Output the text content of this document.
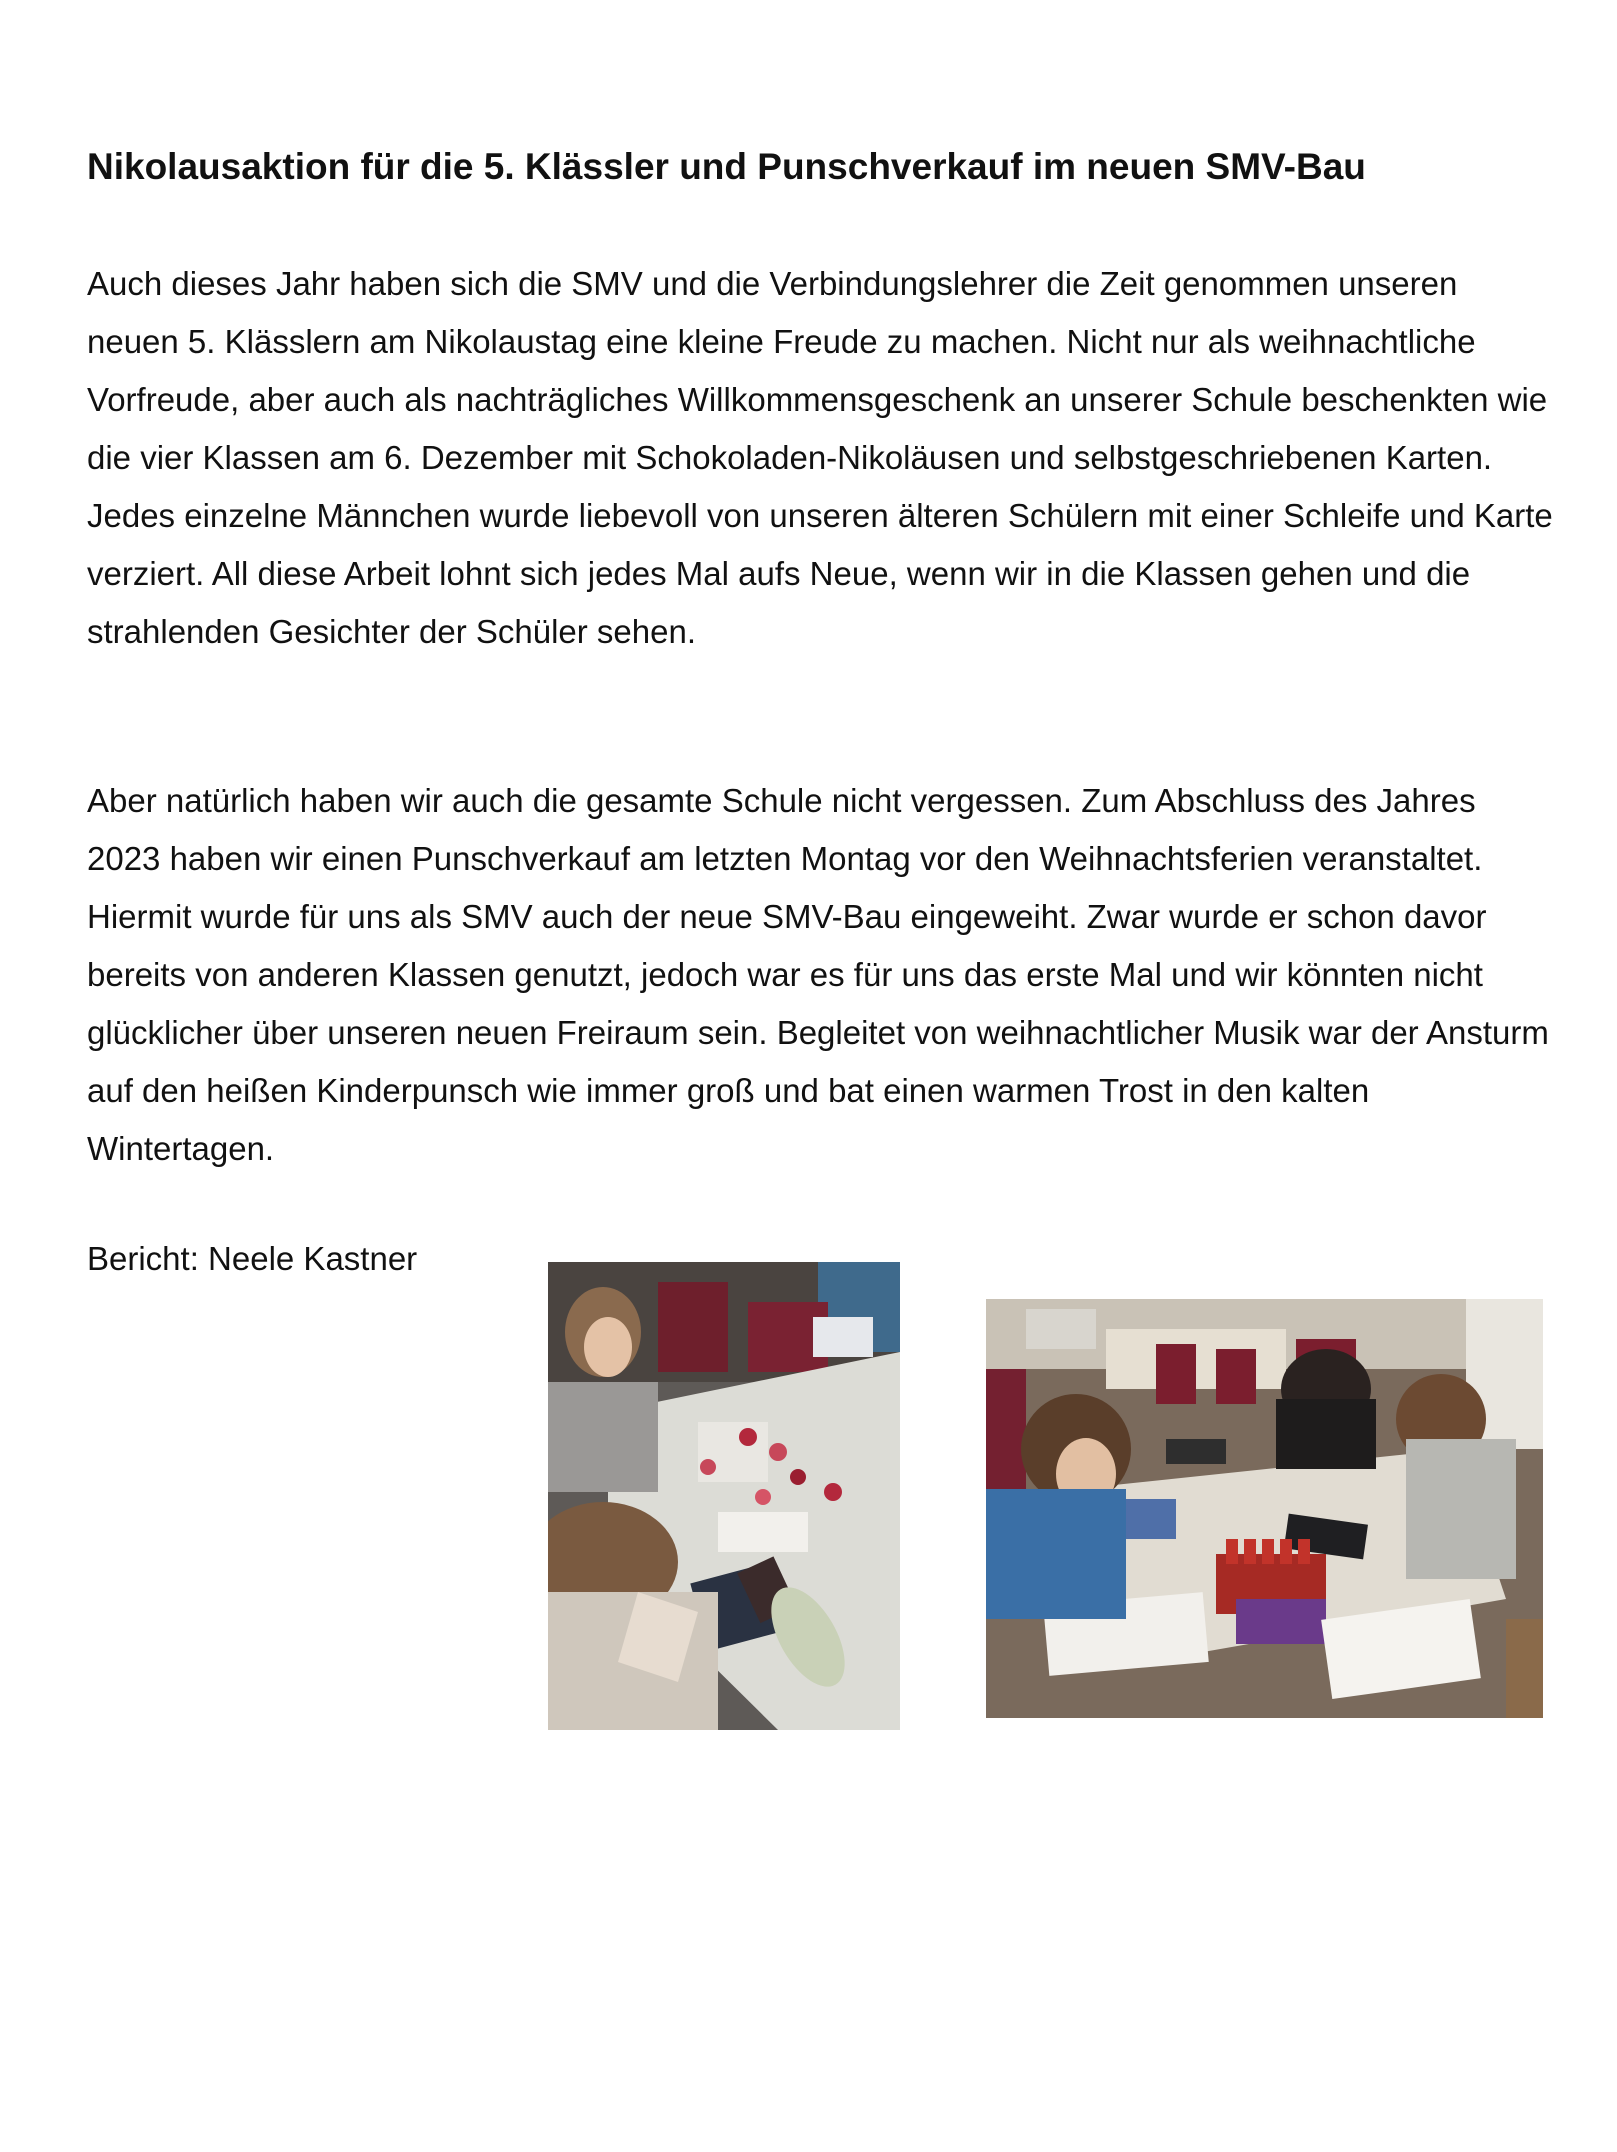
Nikolausaktion für die 5. Klässler und Punschverkauf im neuen SMV-Bau

Auch dieses Jahr haben sich die SMV und die Verbindungslehrer die Zeit genommen unseren neuen 5. Klässlern am Nikolaustag eine kleine Freude zu machen. Nicht nur als weihnachtliche Vorfreude, aber auch als nachträgliches Willkommensgeschenk an unserer Schule beschenkten wie die vier Klassen am 6. Dezember mit Schokoladen-Nikoläusen und selbstgeschriebenen Karten. Jedes einzelne Männchen wurde liebevoll von unseren älteren Schülern mit einer Schleife und Karte verziert. All diese Arbeit lohnt sich jedes Mal aufs Neue, wenn wir in die Klassen gehen und die strahlenden Gesichter der Schüler sehen.

Aber natürlich haben wir auch die gesamte Schule nicht vergessen. Zum Abschluss des Jahres 2023 haben wir einen Punschverkauf am letzten Montag vor den Weihnachtsferien veranstaltet. Hiermit wurde für uns als SMV auch der neue SMV-Bau eingeweiht. Zwar wurde er schon davor bereits von anderen Klassen genutzt, jedoch war es für uns das erste Mal und wir könnten nicht glücklicher über unseren neuen Freiraum sein. Begleitet von weihnachtlicher Musik war der Ansturm auf den heißen Kinderpunsch wie immer groß und bat einen warmen Trost in den kalten Wintertagen.

Bericht: Neele Kastner
